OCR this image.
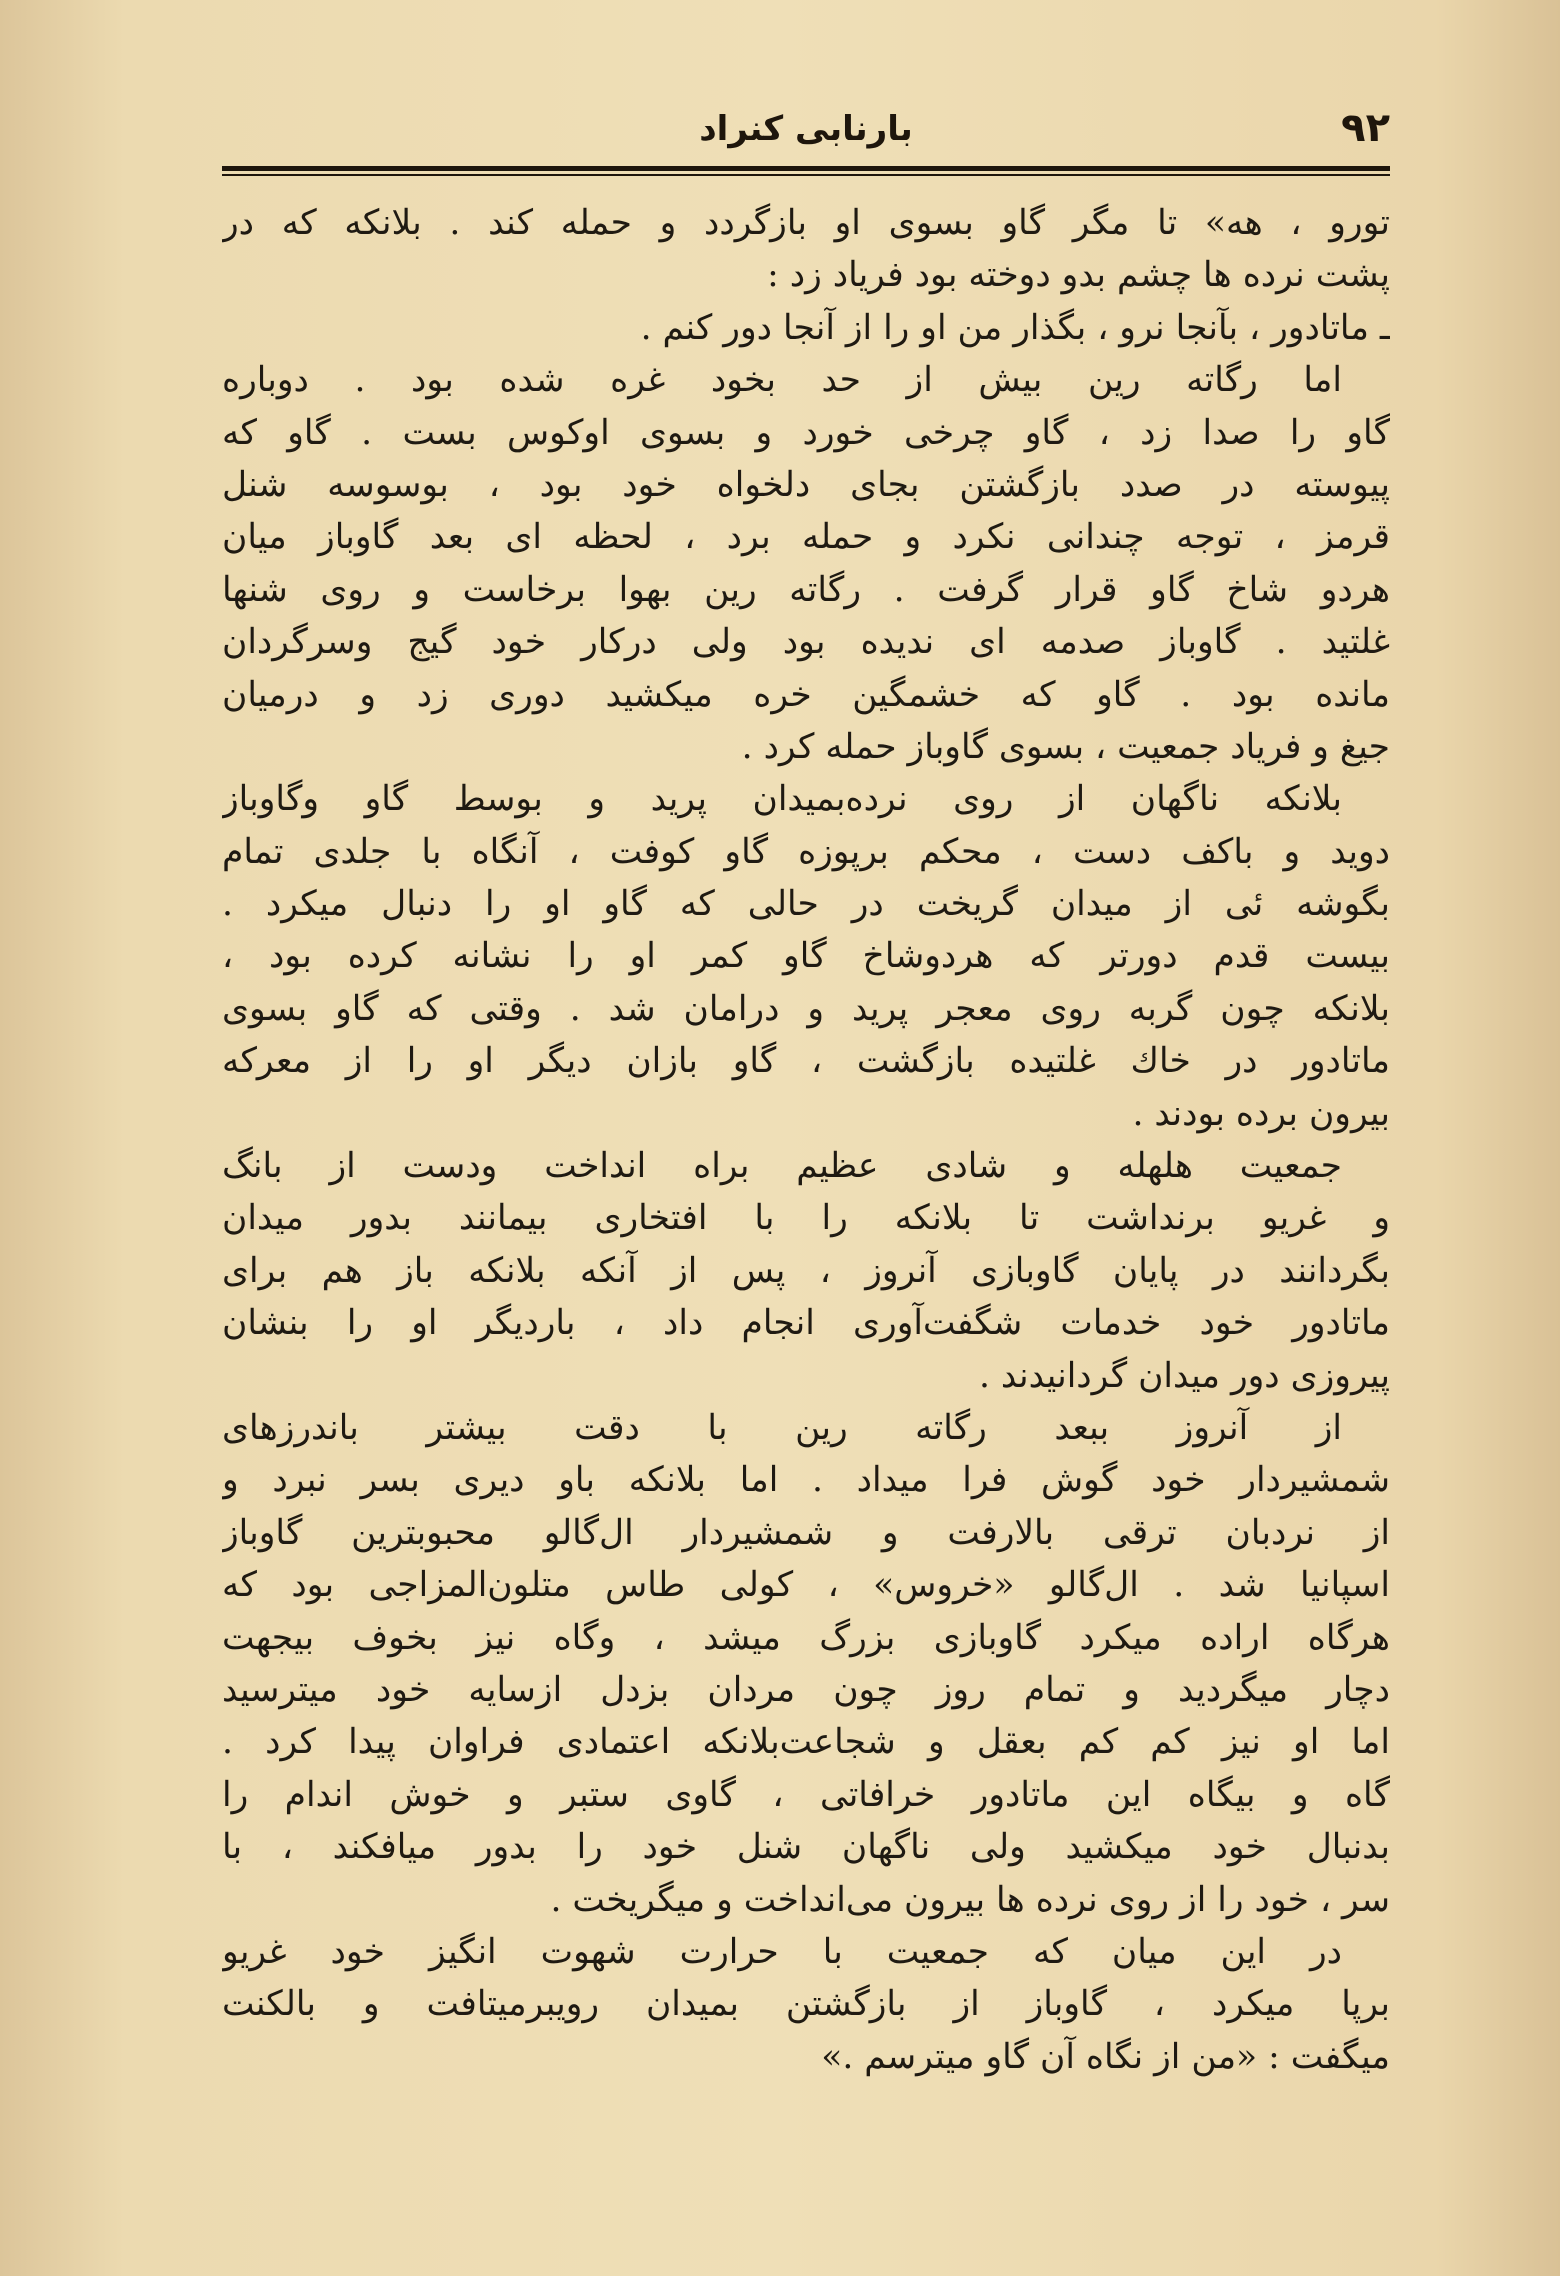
۹۲
بارنابی کنراد
تورو ، هه» تا مگر گاو بسوی او بازگردد و حمله کند . بلانکه که در
پشت نرده ها چشم بدو دوخته بود فریاد زد :
ـ ماتادور ، بآنجا نرو ، بگذار من او را از آنجا دور کنم .
اما رگاته رین بیش از حد بخود غره شده بود . دوباره
گاو را صدا زد ، گاو چرخی خورد و بسوی اوکوس بست . گاو که
پیوسته در صدد بازگشتن بجای دلخواه خود بود ، بوسوسه شنل
قرمز ، توجه چندانی نکرد و حمله برد ، لحظه ای بعد گاوباز میان
هردو شاخ گاو قرار گرفت . رگاته رین بهوا برخاست و روی شنها
غلتید . گاوباز صدمه ای ندیده بود ولی درکار خود گیج وسرگردان
مانده بود . گاو که خشمگین خره میکشید دوری زد و درمیان
جیغ و فریاد جمعیت ، بسوی گاوباز حمله کرد .
بلانکه ناگهان از روی نرده‌بمیدان پرید و بوسط گاو وگاوباز
دوید و باکف دست ، محکم برپوزه گاو کوفت ، آنگاه با جلدی تمام
بگوشه ئی از میدان گریخت در حالی که گاو او را دنبال میکرد .
بیست قدم دورتر که هردوشاخ گاو کمر او را نشانه کرده بود ،
بلانکه چون گربه روی معجر پرید و درامان شد . وقتی که گاو بسوی
ماتادور در خاك غلتیده بازگشت ، گاو بازان دیگر او را از معرکه
بیرون برده بودند .
جمعیت هلهله و شادی عظیم براه انداخت ودست از بانگ
و غریو برنداشت تا بلانکه را با افتخاری بیمانند بدور میدان
بگردانند در پایان گاوبازی آنروز ، پس از آنکه بلانکه باز هم برای
ماتادور خود خدمات شگفت‌آوری انجام داد ، باردیگر او را بنشان
پیروزی دور میدان گردانیدند .
از آنروز ببعد رگاته رین با دقت بیشتر باندرزهای
شمشیردار خود گوش فرا میداد . اما بلانکه باو دیری بسر نبرد و
از نردبان ترقی بالارفت و شمشیردار ال‌گالو محبوبترین گاوباز
اسپانیا شد . ال‌گالو «خروس» ، کولی طاس متلون‌المزاجی بود که
هرگاه اراده میکرد گاوبازی بزرگ میشد ، وگاه نیز بخوف بیجهت
دچار میگردید و تمام روز چون مردان بزدل ازسایه خود میترسید
اما او نیز کم کم بعقل و شجاعت‌بلانکه اعتمادی فراوان پیدا کرد .
گاه و بیگاه این ماتادور خرافاتی ، گاوی ستبر و خوش اندام را
بدنبال خود میکشید ولی ناگهان شنل خود را بدور میافکند ، با
سر ، خود را از روی نرده ها بیرون می‌انداخت و میگریخت .
در این میان که جمعیت با حرارت شهوت انگیز خود غریو
برپا میکرد ، گاوباز از بازگشتن بمیدان رویبرمیتافت و بالکنت
میگفت : «من از نگاه آن گاو میترسم .»
